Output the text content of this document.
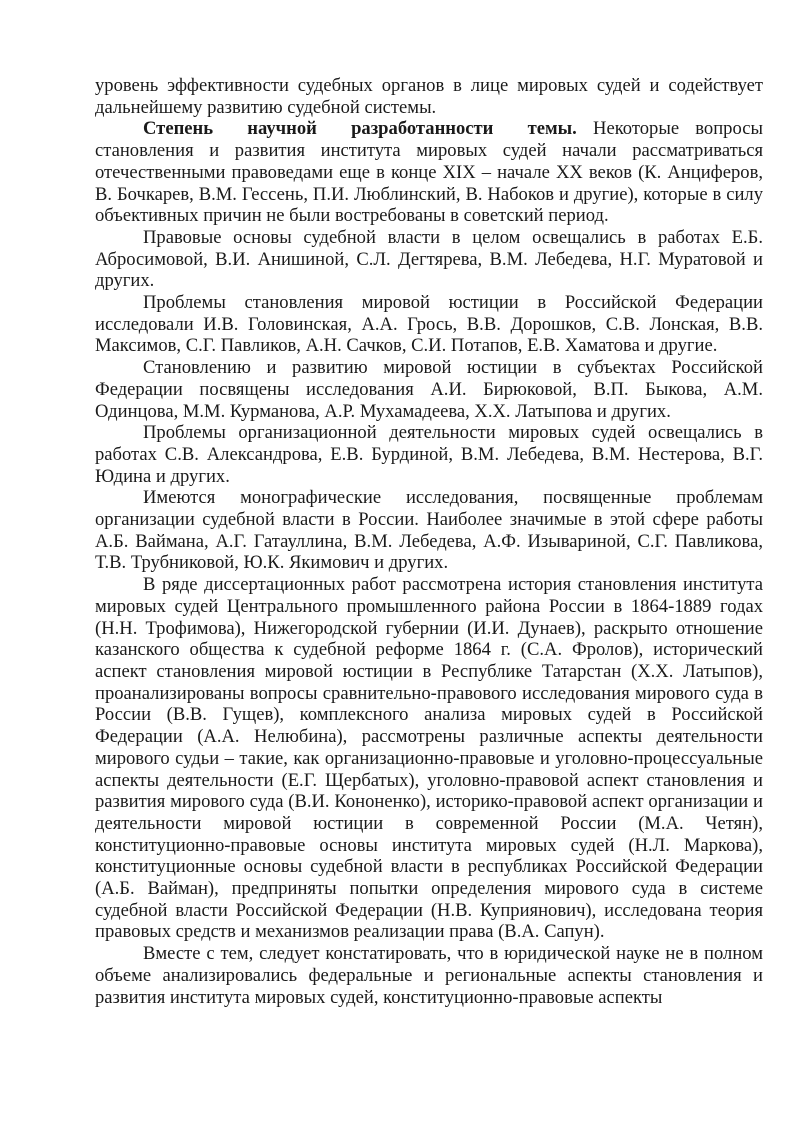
уровень эффективности судебных органов в лице мировых судей и содействует дальнейшему развитию судебной системы.

Степень научной разработанности темы. Некоторые вопросы становления и развития института мировых судей начали рассматриваться отечественными правоведами еще в конце XIX – начале XX веков (К. Анциферов, В. Бочкарев, В.М. Гессень, П.И. Люблинский, В. Набоков и другие), которые в силу объективных причин не были востребованы в советский период.

Правовые основы судебной власти в целом освещались в работах Е.Б. Абросимовой, В.И. Анишиной, С.Л. Дегтярева, В.М. Лебедева, Н.Г. Муратовой и других.

Проблемы становления мировой юстиции в Российской Федерации исследовали И.В. Головинская, А.А. Грось, В.В. Дорошков, С.В. Лонская, В.В. Максимов, С.Г. Павликов, А.Н. Сачков, С.И. Потапов, Е.В. Хаматова и другие.

Становлению и развитию мировой юстиции в субъектах Российской Федерации посвящены исследования А.И. Бирюковой, В.П. Быкова, А.М. Одинцова, М.М. Курманова, А.Р. Мухамадеева, Х.Х. Латыпова и других.

Проблемы организационной деятельности мировых судей освещались в работах С.В. Александрова, Е.В. Бурдиной, В.М. Лебедева, В.М. Нестерова, В.Г. Юдина и других.

Имеются монографические исследования, посвященные проблемам организации судебной власти в России. Наиболее значимые в этой сфере работы А.Б. Ваймана, А.Г. Гатауллина, В.М. Лебедева, А.Ф. Изывариной, С.Г. Павликова, Т.В. Трубниковой, Ю.К. Якимович и других.

В ряде диссертационных работ рассмотрена история становления института мировых судей Центрального промышленного района России в 1864-1889 годах (Н.Н. Трофимова), Нижегородской губернии (И.И. Дунаев), раскрыто отношение казанского общества к судебной реформе 1864 г. (С.А. Фролов), исторический аспект становления мировой юстиции в Республике Татарстан (Х.Х. Латыпов), проанализированы вопросы сравнительно-правового исследования мирового суда в России (В.В. Гущев), комплексного анализа мировых судей в Российской Федерации (А.А. Нелюбина), рассмотрены различные аспекты деятельности мирового судьи – такие, как организационно-правовые и уголовно-процессуальные аспекты деятельности (Е.Г. Щербатых), уголовно-правовой аспект становления и развития мирового суда (В.И. Кононенко), историко-правовой аспект организации и деятельности мировой юстиции в современной России (М.А. Четян), конституционно-правовые основы института мировых судей (Н.Л. Маркова), конституционные основы судебной власти в республиках Российской Федерации (А.Б. Вайман), предприняты попытки определения мирового суда в системе судебной власти Российской Федерации (Н.В. Куприянович), исследована теория правовых средств и механизмов реализации права (В.А. Сапун).

Вместе с тем, следует констатировать, что в юридической науке не в полном объеме анализировались федеральные и региональные аспекты становления и развития института мировых судей, конституционно-правовые аспекты
